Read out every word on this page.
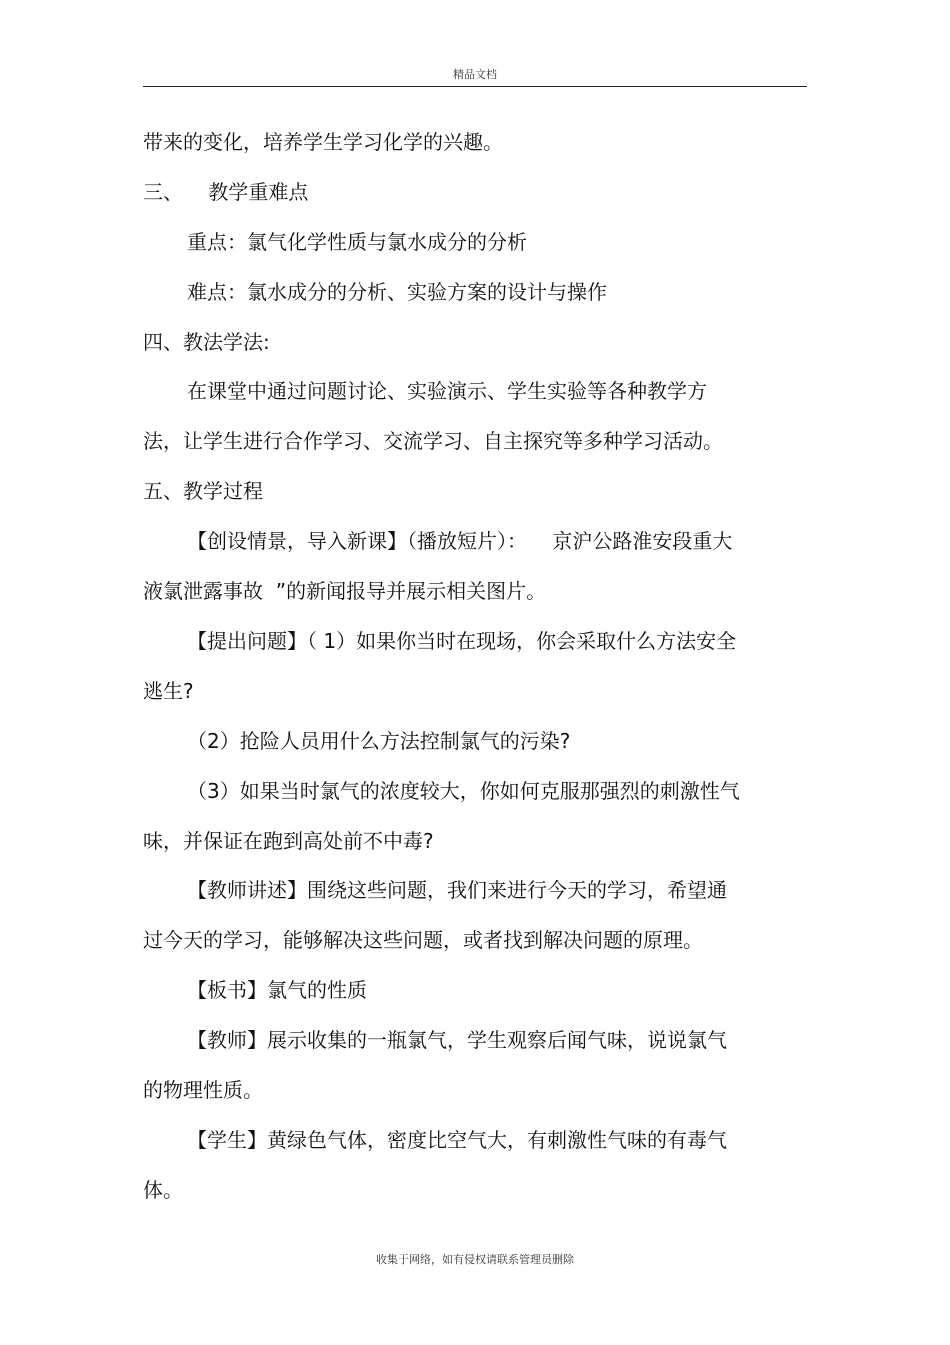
精品文档
带来的变化，培养学生学习化学的兴趣。
三、    教学重难点
重点：氯气化学性质与氯水成分的分析
难点：氯水成分的分析、实验方案的设计与操作
四、教法学法:
在课堂中通过问题讨论、实验演示、学生实验等各种教学方
法，让学生进行合作学习、交流学习、自主探究等多种学习活动。
五、教学过程
【创设情景，导入新课】（播放短片）：    京沪公路淮安段重大
液氯泄露事故  ”的新闻报导并展示相关图片。
【提出问题】（ 1）如果你当时在现场，你会采取什么方法安全
逃生?
（2）抢险人员用什么方法控制氯气的污染?
（3）如果当时氯气的浓度较大，你如何克服那强烈的刺激性气
味，并保证在跑到高处前不中毒?
【教师讲述】围绕这些问题，我们来进行今天的学习，希望通
过今天的学习，能够解决这些问题，或者找到解决问题的原理。
【板书】氯气的性质
【教师】展示收集的一瓶氯气，学生观察后闻气味，说说氯气
的物理性质。
【学生】黄绿色气体，密度比空气大，有刺激性气味的有毒气
体。
收集于网络，如有侵权请联系管理员删除
